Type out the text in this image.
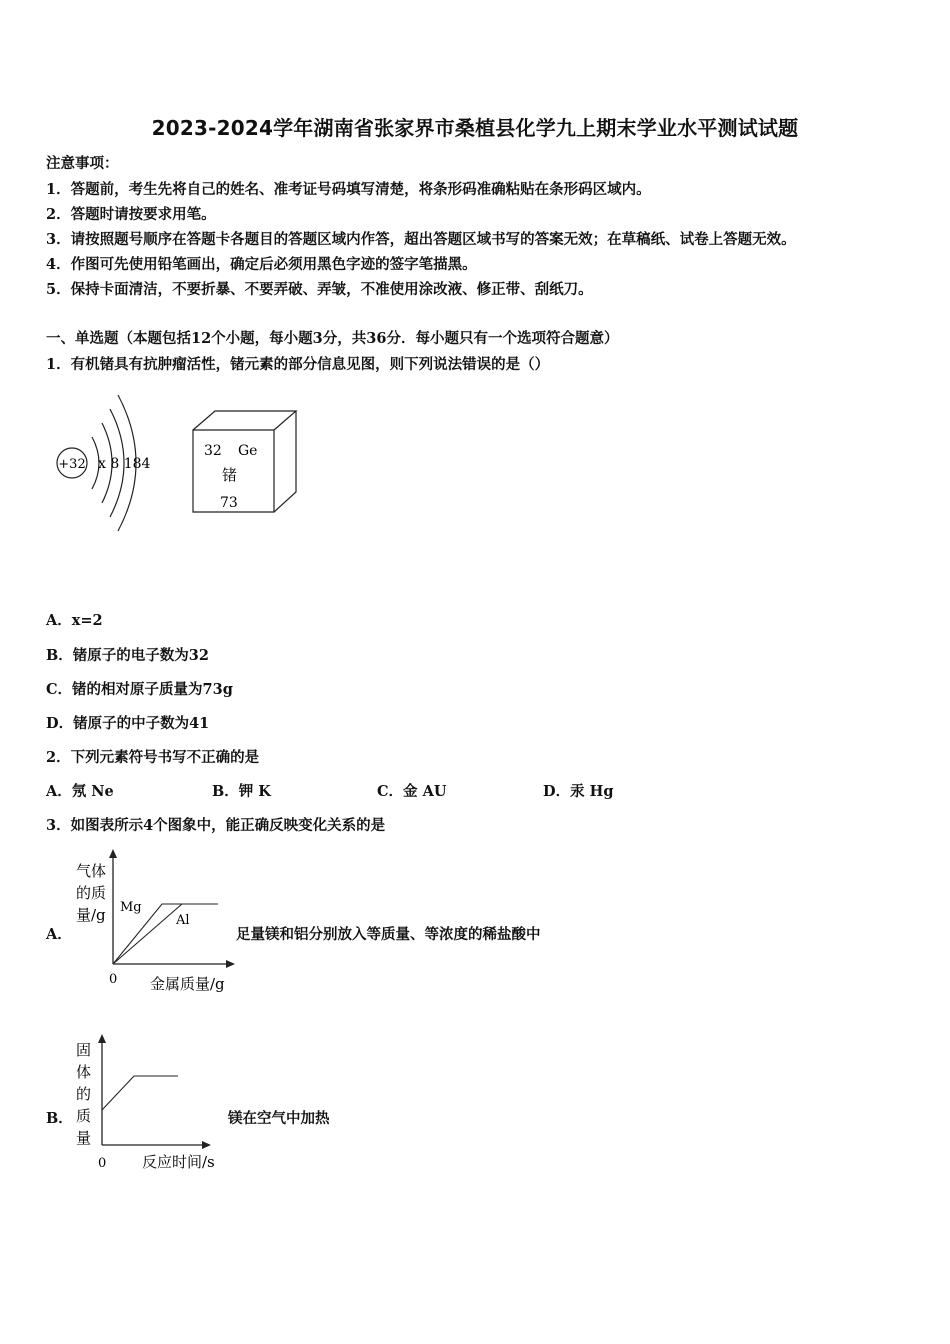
2023-2024学年湖南省张家界市桑植县化学九上期末学业水平测试试题
注意事项：
1．答题前，考生先将自己的姓名、准考证号码填写清楚，将条形码准确粘贴在条形码区域内。
2．答题时请按要求用笔。
3．请按照题号顺序在答题卡各题目的答题区域内作答，超出答题区域书写的答案无效；在草稿纸、试卷上答题无效。
4．作图可先使用铅笔画出，确定后必须用黑色字迹的签字笔描黑。
5．保持卡面清洁，不要折暴、不要弄破、弄皱，不准使用涂改液、修正带、刮纸刀。
一、单选题（本题包括12个小题，每小题3分，共36分．每小题只有一个选项符合题意）
1．有机锗具有抗肿瘤活性，锗元素的部分信息见图，则下列说法错误的是（）
+32 x 8 184
32 Ge
锗
73
A．x=2
B．锗原子的电子数为32
C．锗的相对原子质量为73g
D．锗原子的中子数为41
2．下列元素符号书写不正确的是
A．氖 Ne	B．钾 K	C．金 AU	D．汞 Hg
3．如图表所示4个图象中，能正确反映变化关系的是
A．
气体
的质
量/g Mg
Al
0 金属质量/g
足量镁和铝分别放入等质量、等浓度的稀盐酸中
B．
固
体
的
质
量
0 反应时间/s
镁在空气中加热
